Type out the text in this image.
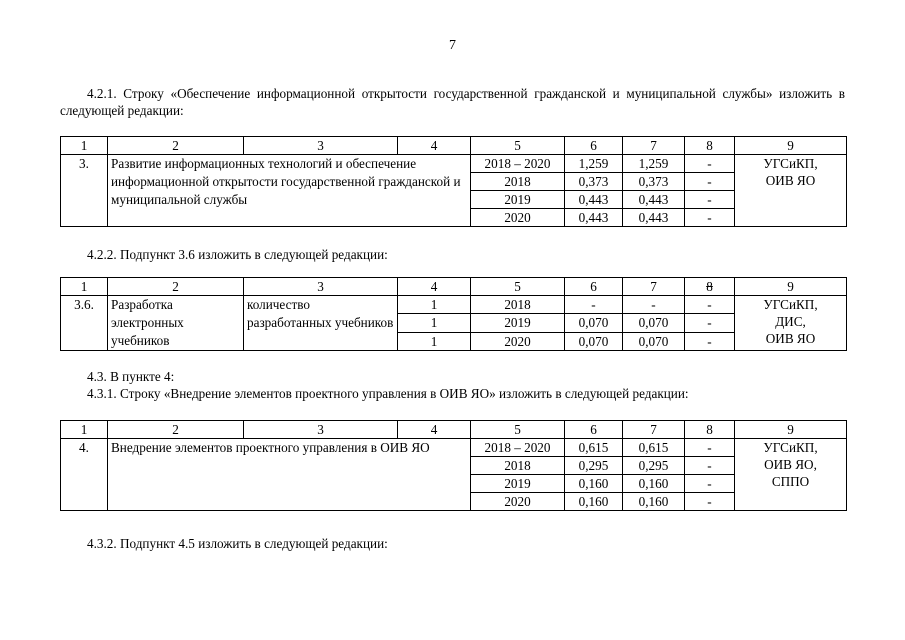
7
4.2.1. Строку «Обеспечение информационной открытости государственной гражданской и муниципальной службы» изложить в следующей редакции:
1	2	3	4	5	6	7	8	9
3.	Развитие информационных технологий и обеспечение информационной открытости государственной гражданской и муниципальной службы			2018 – 2020	1,259	1,259	-	УГСиКП,
ОИВ ЯО

				2018	0,373	0,373	-	
				2019	0,443	0,443	-	
				2020	0,443	0,443	-	
4.2.2. Подпункт 3.6 изложить в следующей редакции:
1	2	3	4	5	6	7	8	9
3.6.	Разработка электронных учебников	количество разработанных учебников	1	2018	-	-	-	УГСиКП,
ДИС,
ОИВ ЯО

			1	2019	0,070	0,070	-	
			1	2020	0,070	0,070	-	
4.3. В пункте 4:
4.3.1. Строку «Внедрение элементов проектного управления в ОИВ ЯО» изложить в следующей редакции:
1	2	3	4	5	6	7	8	9
4.	Внедрение элементов проектного управления в ОИВ ЯО			2018 – 2020	0,615	0,615	-	УГСиКП,
ОИВ ЯО,
СППО

				2018	0,295	0,295	-	
				2019	0,160	0,160	-	
				2020	0,160	0,160	-	
4.3.2. Подпункт 4.5 изложить в следующей редакции:
